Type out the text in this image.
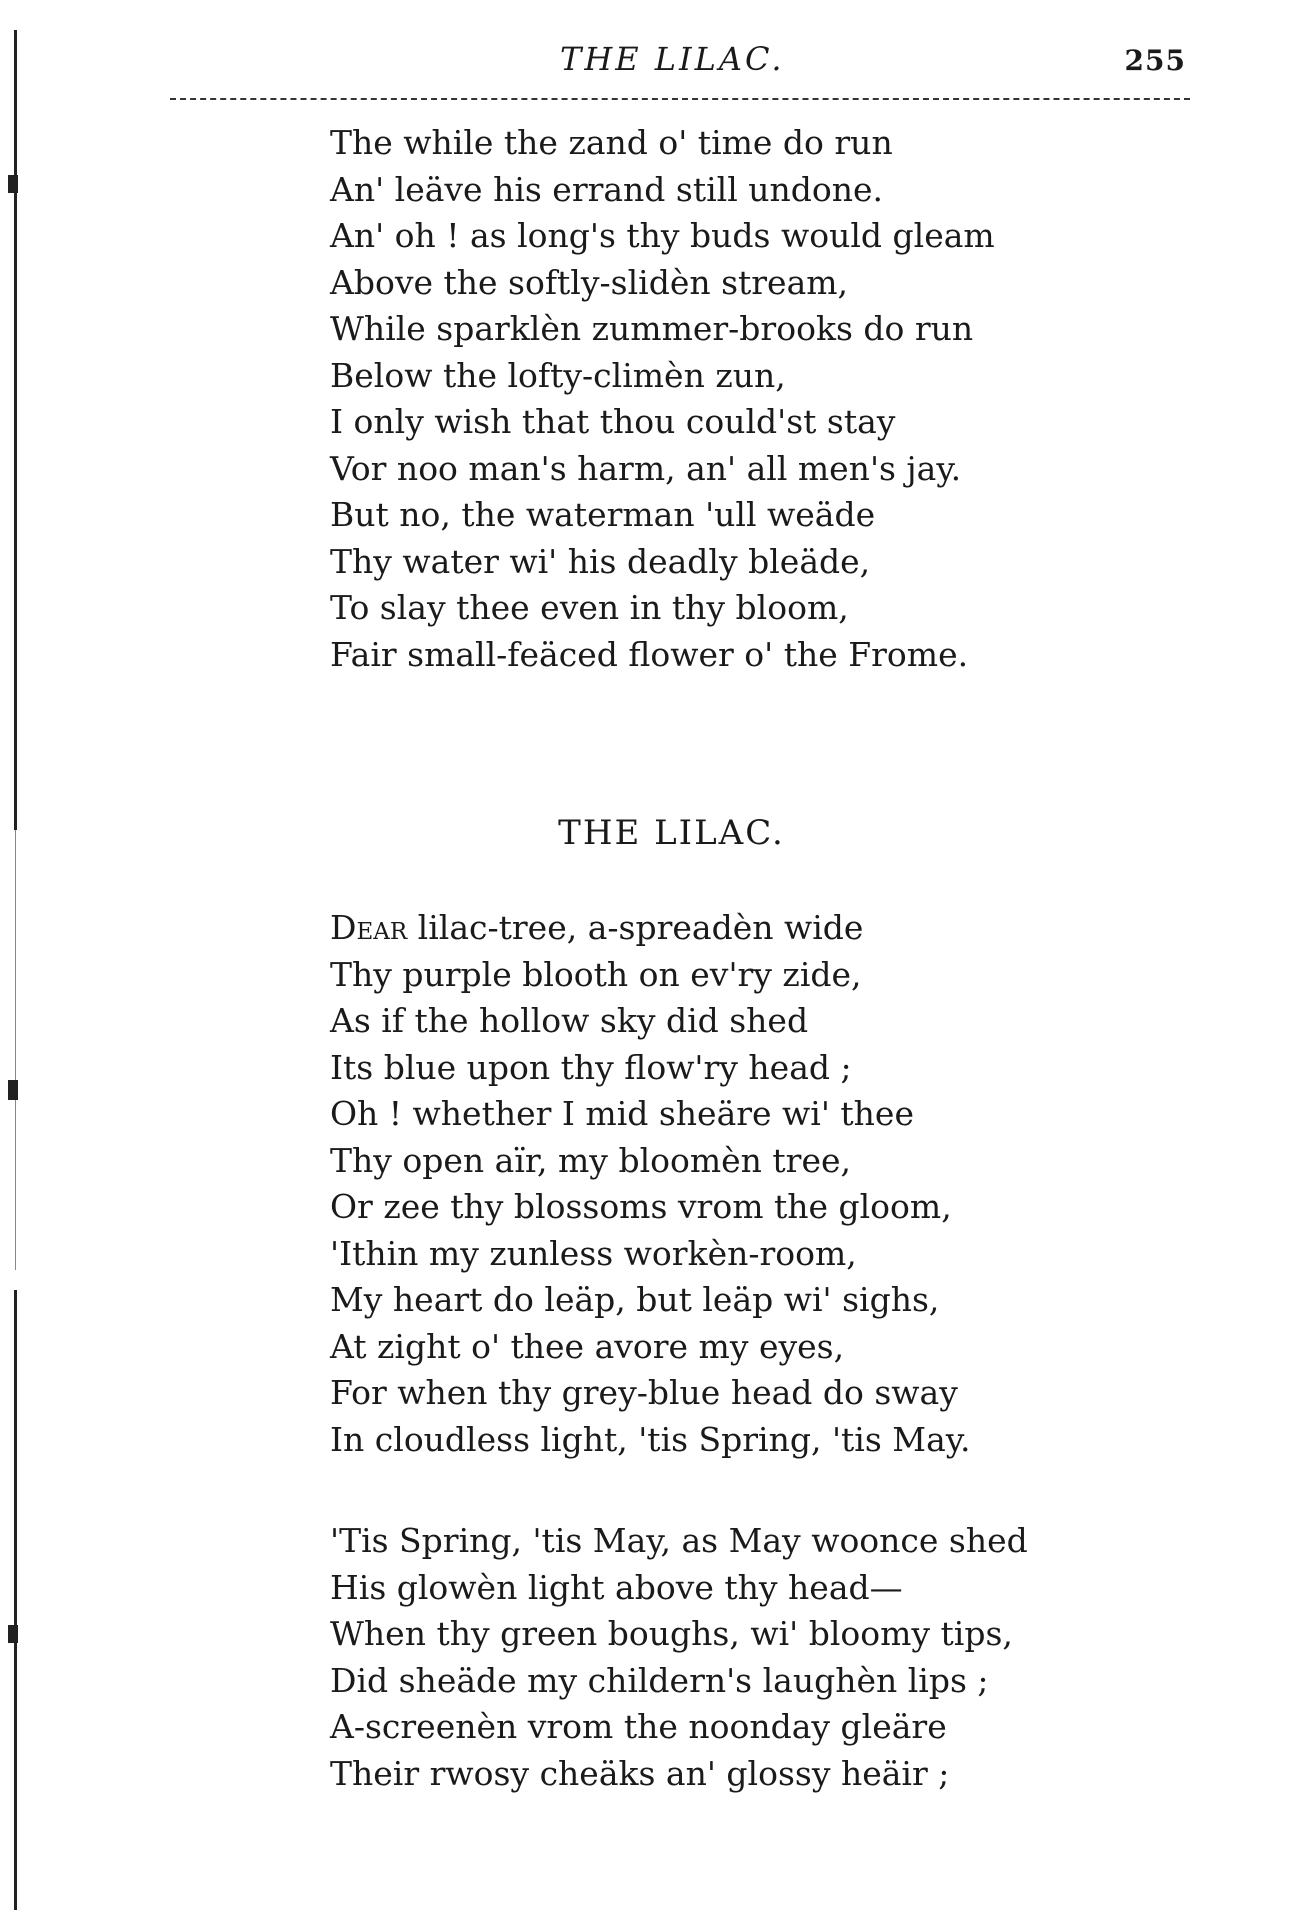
THE LILAC.	255
The while the zand o' time do run
An' leäve his errand still undone.
An' oh ! as long's thy buds would gleam
Above the softly-slidèn stream,
While sparklèn zummer-brooks do run
Below the lofty-climèn zun,
I only wish that thou could'st stay
Vor noo man's harm, an' all men's jay.
But no, the waterman 'ull weäde
Thy water wi' his deadly bleäde,
To slay thee even in thy bloom,
Fair small-feäced flower o' the Frome.
THE LILAC.
Dear lilac-tree, a-spreadèn wide
Thy purple blooth on ev'ry zide,
As if the hollow sky did shed
Its blue upon thy flow'ry head ;
Oh ! whether I mid sheäre wi' thee
Thy open aïr, my bloomèn tree,
Or zee thy blossoms vrom the gloom,
'Ithin my zunless workèn-room,
My heart do leäp, but leäp wi' sighs,
At zight o' thee avore my eyes,
For when thy grey-blue head do sway
In cloudless light, 'tis Spring, 'tis May.
'Tis Spring, 'tis May, as May woonce shed
His glowèn light above thy head—
When thy green boughs, wi' bloomy tips,
Did sheäde my childern's laughèn lips ;
A-screenèn vrom the noonday gleäre
Their rwosy cheäks an' glossy heäir ;
